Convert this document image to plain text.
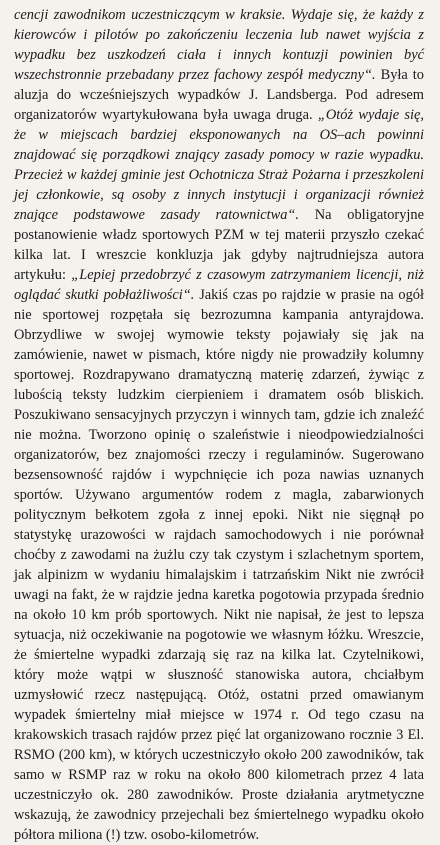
cencji zawodnikom uczestniczącym w kraksie. Wydaje się, że każdy z kierowców i pilotów po zakończeniu leczenia lub nawet wyjścia z wypadku bez uszkodzeń ciała i innych kontuzji powinien być wszechstronnie przebadany przez fachowy zespół medyczny“. Była to aluzja do wcześniejszych wypadków J. Landsberga. Pod adresem organizatorów wyartykułowana była uwaga druga. „Otóż wydaje się, że w miejscach bardziej eksponowanych na OS–ach powinni znajdować się porządkowi znający zasady pomocy w razie wypadku. Przecież w każdej gminie jest Ochotnicza Straż Pożarna i przeszkoleni jej członkowie, są osoby z innych instytucji i organizacji również znające podstawowe zasady ratownictwa“. Na obligatoryjne postanowienie władz sportowych PZM w tej materii przyszło czekać kilka lat. I wreszcie konkluzja jak gdyby najtrudniejsza autora artykułu: „Lepiej przedobrzyć z czasowym zatrzymaniem licencji, niż oglądać skutki pobłażliwości“. Jakiś czas po rajdzie w prasie na ogół nie sportowej rozpętała się bezrozumna kampania antyrajdowa. Obrzydliwe w swojej wymowie teksty pojawiały się jak na zamówienie, nawet w pismach, które nigdy nie prowadziły kolumny sportowej. Rozdrapywano dramatyczną materię zdarzeń, żywiąc z lubością teksty ludzkim cierpieniem i dramatem osób bliskich. Poszukiwano sensacyjnych przyczyn i winnych tam, gdzie ich znaleźć nie można. Tworzono opinię o szaleństwie i nieodpowiedzialności organizatorów, bez znajomości rzeczy i regulaminów. Sugerowano bezsensowność rajdów i wypchnięcie ich poza nawias uznanych sportów. Używano argumentów rodem z magla, zabarwionych politycznym bełkotem zgoła z innej epoki. Nikt nie sięgnął po statystykę urazowości w rajdach samochodowych i nie porównał choćby z zawodami na żużlu czy tak czystym i szlachetnym sportem, jak alpinizm w wydaniu himalajskim i tatrzańskim Nikt nie zwrócił uwagi na fakt, że w rajdzie jedna karetka pogotowia przypada średnio na około 10 km prób sportowych. Nikt nie napisał, że jest to lepsza sytuacja, niż oczekiwanie na pogotowie we własnym łóżku. Wreszcie, że śmiertelne wypadki zdarzają się raz na kilka lat. Czytelnikowi, który może wątpi w słuszność stanowiska autora, chciałbym uzmysłowić rzecz następującą. Otóż, ostatni przed omawianym wypadek śmiertelny miał miejsce w 1974 r. Od tego czasu na krakowskich trasach rajdów przez pięć lat organizowano rocznie 3 El. RSMO (200 km), w których uczestniczyło około 200 zawodników, tak samo w RSMP raz w roku na około 800 kilometrach przez 4 lata uczestniczyło ok. 280 zawodników. Proste działania arytmetyczne wskazują, że zawodnicy przejechali bez śmiertelnego wypadku około półtora miliona (!) tzw. osobo-kilometrów.
